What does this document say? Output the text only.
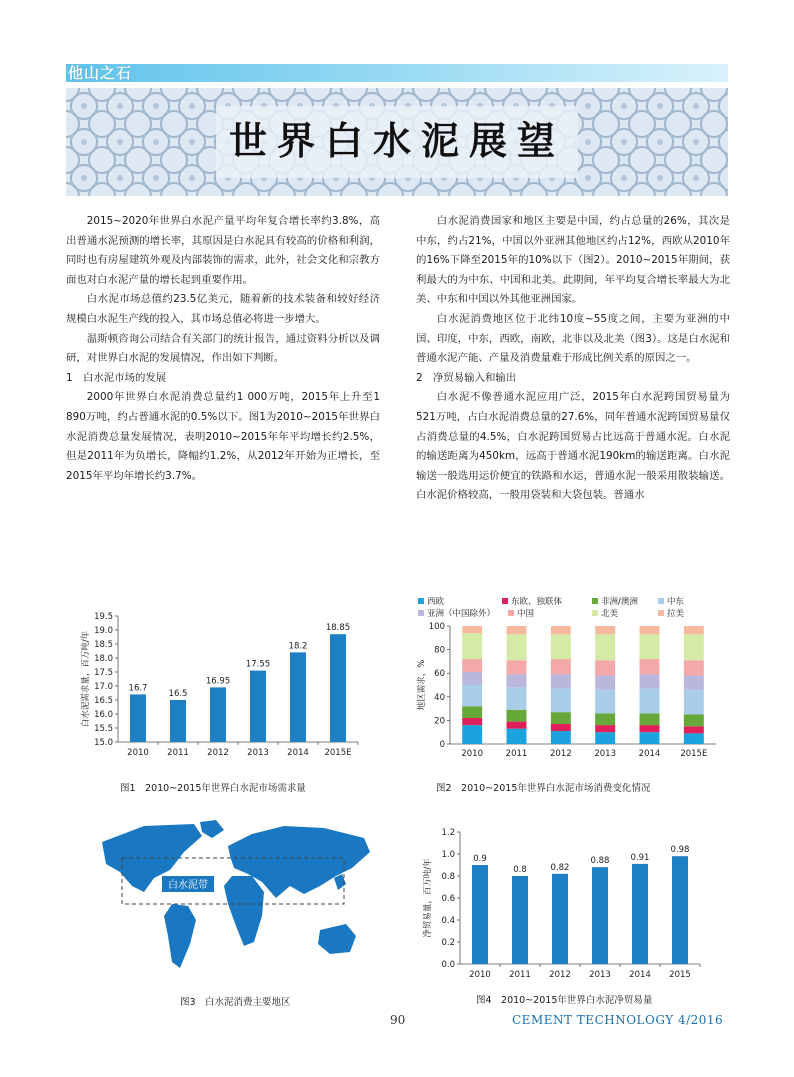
他山之石
世界白水泥展望

2015~2020年世界白水泥产量平均年复合增长率约3.8%，高出普通水泥预测的增长率，其原因是白水泥具有较高的价格和利润，同时也有房屋建筑外观及内部装饰的需求，此外，社会文化和宗教方面也对白水泥产量的增长起到重要作用。

白水泥市场总值约23.5亿美元，随着新的技术装备和较好经济规模白水泥生产线的投入，其市场总值必将进一步增大。

温斯顿咨询公司结合有关部门的统计报告，通过资料分析以及调研，对世界白水泥的发展情况，作出如下判断。

1　白水泥市场的发展

2000年世界白水泥消费总量约1 000万吨，2015年上升至1 890万吨，约占普通水泥的0.5%以下。图1为2010~2015年世界白水泥消费总量发展情况，表明2010~2015年年平均增长约2.5%，但是2011年为负增长，降幅约1.2%，从2012年开始为正增长，至2015年平均年增长约3.7%。

白水泥消费国家和地区主要是中国，约占总量的26%，其次是中东，约占21%，中国以外亚洲其他地区约占12%，西欧从2010年的16%下降至2015年的10%以下（图2）。2010~2015年期间，获利最大的为中东、中国和北美。此期间，年平均复合增长率最大为北美、中东和中国以外其他亚洲国家。

白水泥消费地区位于北纬10度~55度之间，主要为亚洲的中国、印度，中东，西欧，南欧，北非以及北美（图3）。这是白水泥和普通水泥产能、产量及消费量难于形成比例关系的原因之一。

2　净贸易输入和输出

白水泥不像普通水泥应用广泛，2015年白水泥跨国贸易量为521万吨，占白水泥消费总量的27.6%，同年普通水泥跨国贸易量仅占消费总量的4.5%，白水泥跨国贸易占比远高于普通水泥。白水泥的输送距离为450km，远高于普通水泥190km的输送距离。白水泥输送一般选用运价便宜的铁路和水运，普通水泥一般采用散装输送。白水泥价格较高，一般用袋装和大袋包装。普通水

15.0
15.5
16.0
16.5
17.0
17.5
18.0
18.5
19.0
19.5
16.7
2010
16.5
2011
16.95
2012
17.55
2013
18.2
2014
18.85
2015E
白水泥需求量，百万吨/年
图1　2010~2015年世界白水泥市场需求量
西欧	东欧、独联体	非洲/澳洲	中东
亚洲（中国除外）	中国	北美	拉美
0
20
40
60
80
100
2010	2011	2012	2013	2014 2015E
地区需求，%
图2　2010~2015年世界白水泥市场消费变化情况
白水泥带
图3　白水泥消费主要地区
0.0
0.2
0.4
0.6
0.8
1.0
1.2
0.9
2010
0.8
2011
0.82
2012
0.88
2013
0.91
2014
0.98
2015
净贸易量，百万吨/年
图4　2010~2015年世界白水泥净贸易量
90	CEMENT TECHNOLOGY 4/2016
